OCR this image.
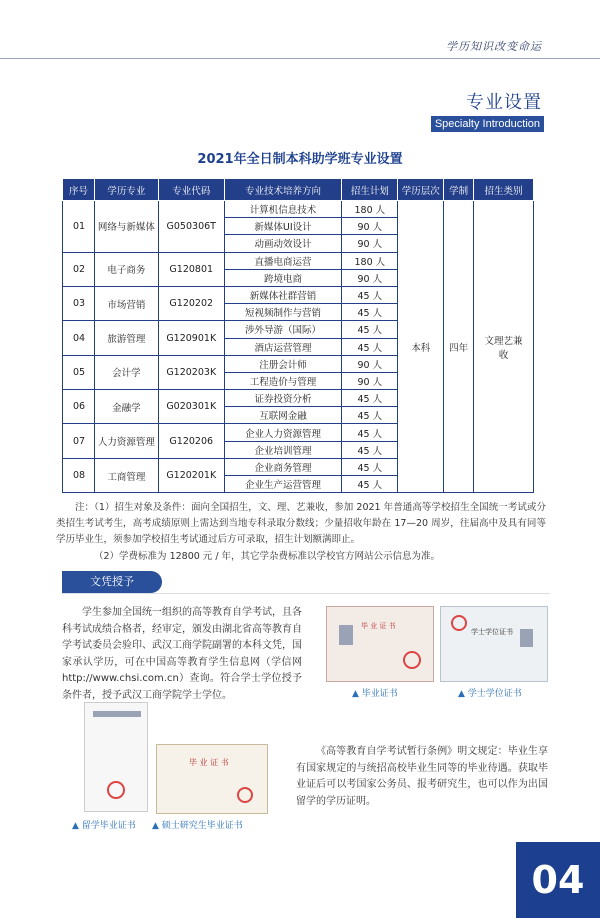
学历知识改变命运
专业设置
Specialty Introduction
2021年全日制本科助学班专业设置
序号	学历专业	专业代码	专业技术培养方向	招生计划	学历层次	学制	招生类别
01	网络与新媒体	G050306T	计算机信息技术	180 人	本科	四年	文理艺兼收
			新媒体UI设计	90 人			
			动画动效设计	90 人			
02	电子商务	G120801	直播电商运营	180 人			
			跨境电商	90 人			
03	市场营销	G120202	新媒体社群营销	45 人			
			短视频制作与营销	45 人			
04	旅游管理	G120901K	涉外导游（国际）	45 人			
			酒店运营管理	45 人			
05	会计学	G120203K	注册会计师	90 人			
			工程造价与管理	90 人			
06	金融学	G020301K	证券投资分析	45 人			
			互联网金融	45 人			
07	人力资源管理	G120206	企业人力资源管理	45 人			
			企业培训管理	45 人			
08	工商管理	G120201K	企业商务管理	45 人			
			企业生产运营管理	45 人			
注：（1）招生对象及条件：面向全国招生，文、理、艺兼收，参加 2021 年普通高等学校招生全国统一考试或分类招生考试考生，高考成绩原则上需达到当地专科录取分数线；少量招收年龄在 17—20 周岁，往届高中及具有同等学历毕业生，须参加学校招生考试通过后方可录取，招生计划额满即止。
（2）学费标准为 12800 元 / 年，其它学杂费标准以学校官方网站公示信息为准。
文凭授予
学生参加全国统一组织的高等教育自学考试，且各科考试成绩合格者，经审定，颁发由湖北省高等教育自学考试委员会验印、武汉工商学院副署的本科文凭，国家承认学历，可在中国高等教育学生信息网（学信网 http://www.chsi.com.cn）查询。符合学士学位授予条件者，授予武汉工商学院学士学位。
毕 业 证 书
▲ 毕业证书
学士学位证书
▲ 学士学位证书
▲ 留学毕业证书
毕 业 证 书
▲ 硕士研究生毕业证书
《高等教育自学考试暂行条例》明文规定：毕业生享有国家规定的与统招高校毕业生同等的毕业待遇。获取毕业证后可以考国家公务员、报考研究生，也可以作为出国留学的学历证明。
04
